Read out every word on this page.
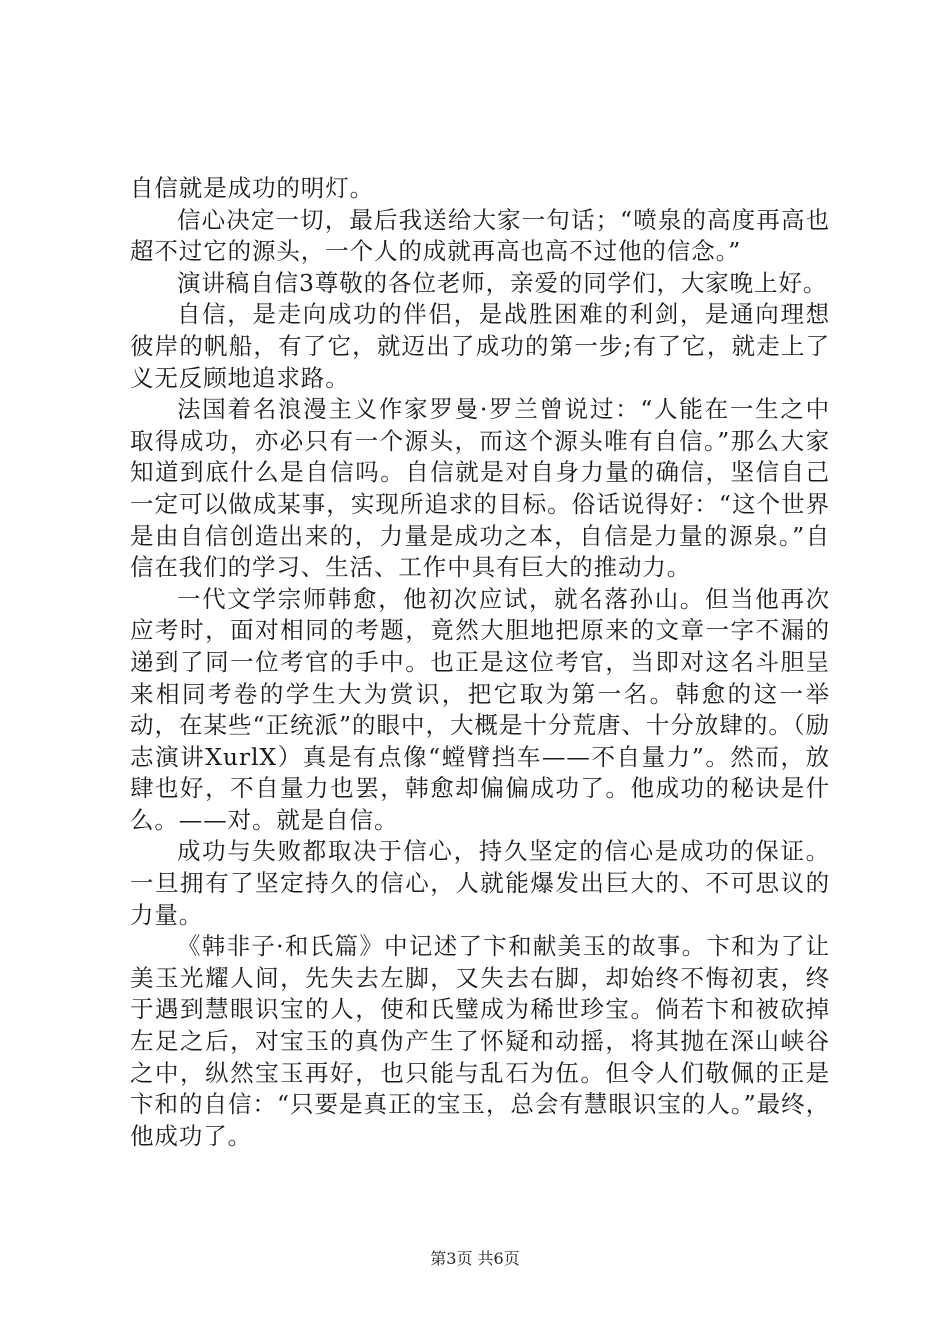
自信就是成功的明灯。

信心决定一切，最后我送给大家一句话；“喷泉的高度再高也超不过它的源头，一个人的成就再高也高不过他的信念。”

演讲稿自信3尊敬的各位老师，亲爱的同学们，大家晚上好。

自信，是走向成功的伴侣，是战胜困难的利剑，是通向理想彼岸的帆船，有了它，就迈出了成功的第一步;有了它，就走上了义无反顾地追求路。

法国着名浪漫主义作家罗曼·罗兰曾说过：“人能在一生之中取得成功，亦必只有一个源头，而这个源头唯有自信。”那么大家知道到底什么是自信吗。自信就是对自身力量的确信，坚信自己一定可以做成某事，实现所追求的目标。俗话说得好：“这个世界是由自信创造出来的，力量是成功之本，自信是力量的源泉。”自信在我们的学习、生活、工作中具有巨大的推动力。

一代文学宗师韩愈，他初次应试，就名落孙山。但当他再次应考时，面对相同的考题，竟然大胆地把原来的文章一字不漏的递到了同一位考官的手中。也正是这位考官，当即对这名斗胆呈来相同考卷的学生大为赏识，把它取为第一名。韩愈的这一举动，在某些“正统派”的眼中，大概是十分荒唐、十分放肆的。（励志演讲XurlX）真是有点像“螳臂挡车——不自量力”。然而，放肆也好，不自量力也罢，韩愈却偏偏成功了。他成功的秘诀是什么。——对。就是自信。

成功与失败都取决于信心，持久坚定的信心是成功的保证。一旦拥有了坚定持久的信心，人就能爆发出巨大的、不可思议的力量。

《韩非子·和氏篇》中记述了卞和献美玉的故事。卞和为了让美玉光耀人间，先失去左脚，又失去右脚，却始终不悔初衷，终于遇到慧眼识宝的人，使和氏璧成为稀世珍宝。倘若卞和被砍掉左足之后，对宝玉的真伪产生了怀疑和动摇，将其抛在深山峡谷之中，纵然宝玉再好，也只能与乱石为伍。但令人们敬佩的正是卞和的自信：“只要是真正的宝玉，总会有慧眼识宝的人。”最终，他成功了。

第3页 共6页
